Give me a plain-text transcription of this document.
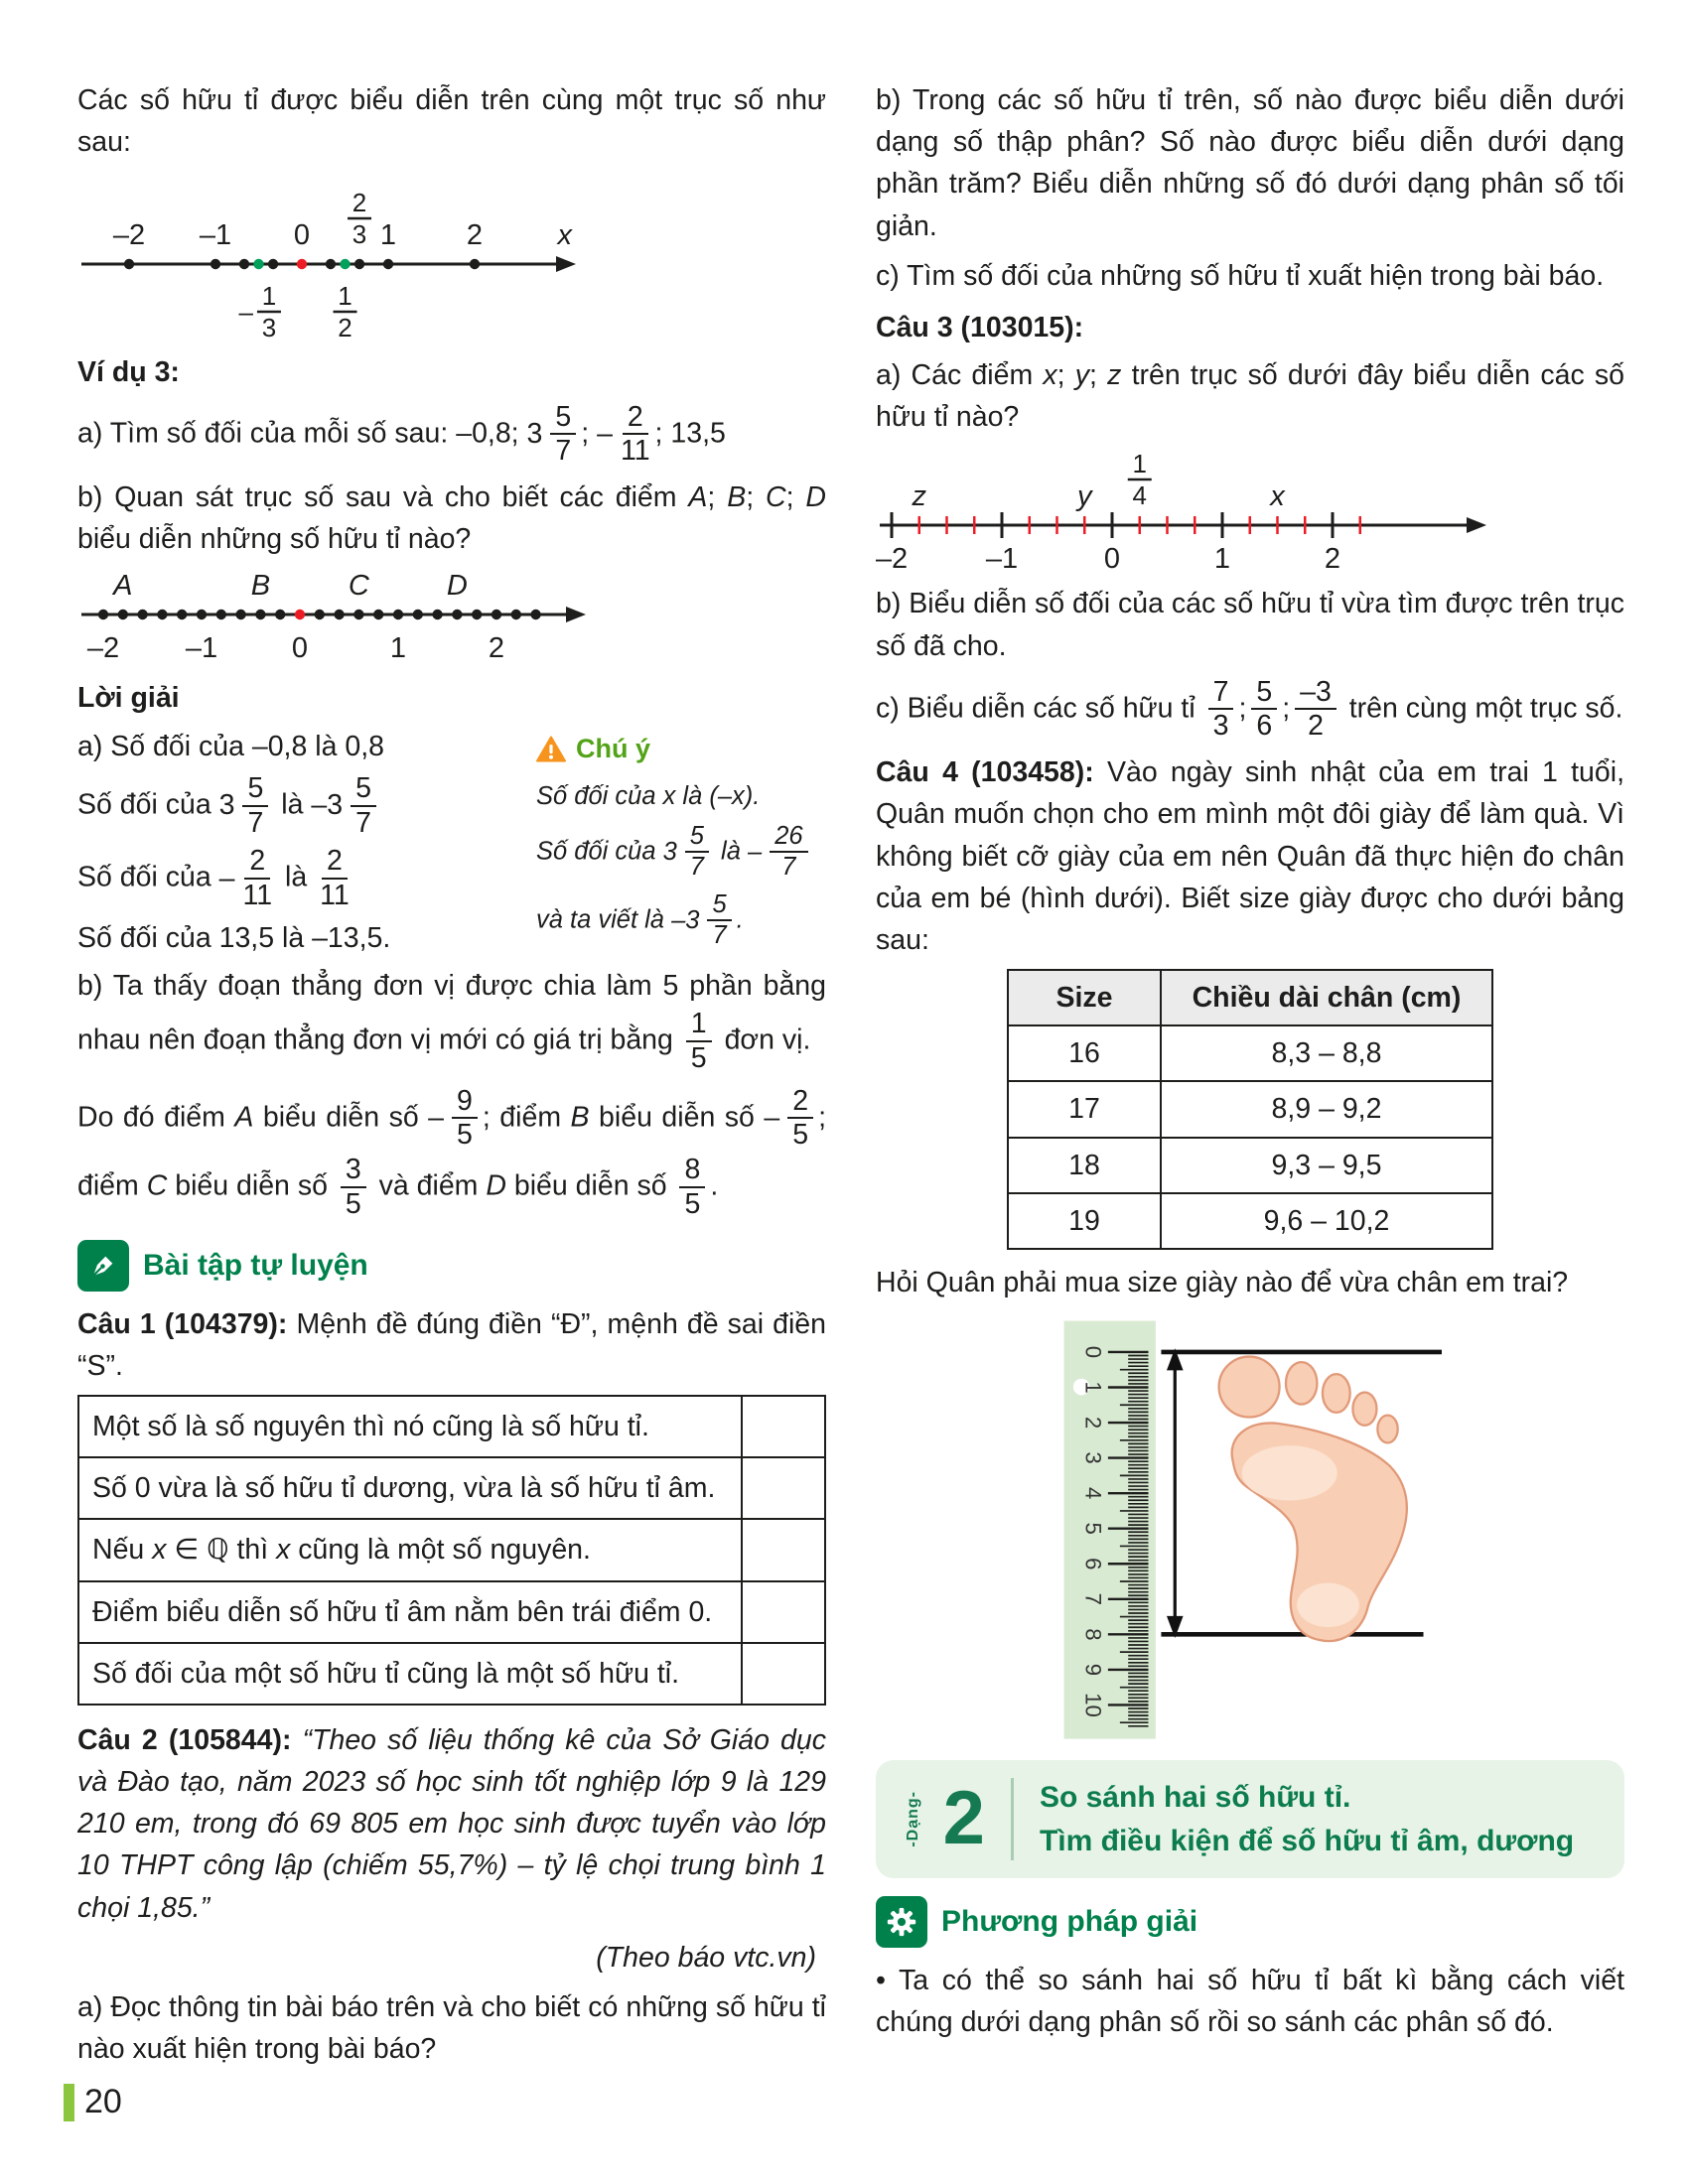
Các số hữu tỉ được biểu diễn trên cùng một trục số như sau:

–2 –1 0
2
3 1 2
1
3
–
1
2
x
Ví dụ 3:

a) Tìm số đối của mỗi số sau: –0,8; $3 \frac{5}{7}$ ; – $\frac{2}{11}$ ; 13,5

b) Quan sát trục số sau và cho biết các điểm A; B; C; D biểu diễn những số hữu tỉ nào?

A	B	C	D
–2 –1	0	1	2
Lời giải

a) Số đối của –0,8 là 0,8

Số đối của $3 \frac{5}{7}$ là $-3 \frac{5}{7}$

Số đối của – $\frac{2}{11}$ là $\frac{2}{11}$

Số đối của 13,5 là –13,5.

Chú ý

Số đối của x là (–x).

Số đối của $3 \frac{5}{7}$ là – $\frac{26}{7}$

và ta viết là $-3 \frac{5}{7}$ .

b) Ta thấy đoạn thẳng đơn vị được chia làm 5 phần bằng nhau nên đoạn thẳng đơn vị mới có giá trị bằng $\frac{1}{5}$ đơn vị.

Do đó điểm A biểu diễn số – $\frac{9}{5}$ ; điểm B biểu diễn số – $\frac{2}{5}$ ; điểm C biểu diễn số $\frac{3}{5}$ và điểm D biểu diễn số $\frac{8}{5}$ .

Bài tập tự luyện

Câu 1 (104379): Mệnh đề đúng điền “Đ”, mệnh đề sai điền “S”.

Một số là số nguyên thì nó cũng là số hữu tỉ.	
Số 0 vừa là số hữu tỉ dương, vừa là số hữu tỉ âm.	
Nếu x ∈ ℚ thì x cũng là một số nguyên.	
Điểm biểu diễn số hữu tỉ âm nằm bên trái điểm 0.	
Số đối của một số hữu tỉ cũng là một số hữu tỉ.	

Câu 2 (105844): “Theo số liệu thống kê của Sở Giáo dục và Đào tạo, năm 2023 số học sinh tốt nghiệp lớp 9 là 129 210 em, trong đó 69 805 em học sinh được tuyển vào lớp 10 THPT công lập (chiếm 55,7%) – tỷ lệ chọi trung bình 1 chọi 1,85.”

(Theo báo vtc.vn)

a) Đọc thông tin bài báo trên và cho biết có những số hữu tỉ nào xuất hiện trong bài báo?

b) Trong các số hữu tỉ trên, số nào được biểu diễn dưới dạng số thập phân? Số nào được biểu diễn dưới dạng phần trăm? Biểu diễn những số đó dưới dạng phân số tối giản.

c) Tìm số đối của những số hữu tỉ xuất hiện trong bài báo.

Câu 3 (103015):

a) Các điểm x; y; z trên trục số dưới đây biểu diễn các số hữu tỉ nào?

z	y
1
4	x
–2	–1	0	1	2

b) Biểu diễn số đối của các số hữu tỉ vừa tìm được trên trục số đã cho.

c) Biểu diễn các số hữu tỉ $\frac{7}{3}$ ; $\frac{5}{6}$ ; $\frac{-3}{2}$ trên cùng một trục số.

Câu 4 (103458): Vào ngày sinh nhật của em trai 1 tuổi, Quân muốn chọn cho em mình một đôi giày để làm quà. Vì không biết cỡ giày của em nên Quân đã thực hiện đo chân của em bé (hình dưới). Biết size giày được cho dưới bảng sau:

Size	Chiều dài chân (cm)
16	8,3 – 8,8
17	8,9 – 9,2
18	9,3 – 9,5
19	9,6 – 10,2

Hỏi Quân phải mua size giày nào để vừa chân em trai?

0
1
2
3
4
5
6
7
8
9
10
-Dạng- 2 So sánh hai số hữu tỉ.
Tìm điều kiện để số hữu tỉ âm, dương
Phương pháp giải

• Ta có thể so sánh hai số hữu tỉ bất kì bằng cách viết chúng dưới dạng phân số rồi so sánh các phân số đó.

20
